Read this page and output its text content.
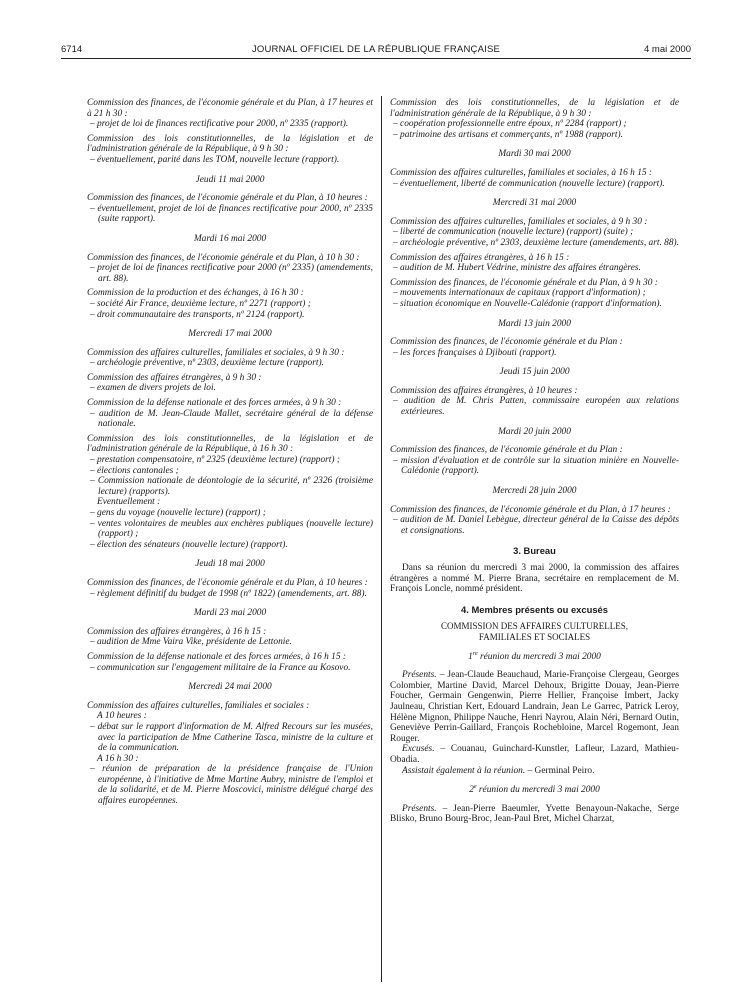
6714	JOURNAL OFFICIEL DE LA RÉPUBLIQUE FRANÇAISE	4 mai 2000

Commission des finances, de l'économie générale et du Plan, à 17 heures et à 21 h 30 :

– projet de loi de finances rectificative pour 2000, nº 2335 (rapport).

Commission des lois constitutionnelles, de la législation et de l'administration générale de la République, à 9 h 30 :

– éventuellement, parité dans les TOM, nouvelle lecture (rapport).

Jeudi 11 mai 2000

Commission des finances, de l'économie générale et du Plan, à 10 heures :

– éventuellement, projet de loi de finances rectificative pour 2000, nº 2335 (suite rapport).

Mardi 16 mai 2000

Commission des finances, de l'économie générale et du Plan, à 10 h 30 :

– projet de loi de finances rectificative pour 2000 (nº 2335) (amendements, art. 88).

Commission de la production et des échanges, à 16 h 30 :

– société Air France, deuxième lecture, nº 2271 (rapport) ;

– droit communautaire des transports, nº 2124 (rapport).

Mercredi 17 mai 2000

Commission des affaires culturelles, familiales et sociales, à 9 h 30 :

– archéologie préventive, nº 2303, deuxième lecture (rapport).

Commission des affaires étrangères, à 9 h 30 :

– examen de divers projets de loi.

Commission de la défense nationale et des forces armées, à 9 h 30 :

– audition de M. Jean-Claude Mallet, secrétaire général de la défense nationale.

Commission des lois constitutionnelles, de la législation et de l'administration générale de la République, à 16 h 30 :

– prestation compensatoire, nº 2325 (deuxième lecture) (rapport) ;

– élections cantonales ;

– Commission nationale de déontologie de la sécurité, nº 2326 (troisième lecture) (rapports).

Eventuellement :

– gens du voyage (nouvelle lecture) (rapport) ;

– ventes volontaires de meubles aux enchères publiques (nouvelle lecture) (rapport) ;

– élection des sénateurs (nouvelle lecture) (rapport).

Jeudi 18 mai 2000

Commission des finances, de l'économie générale et du Plan, à 10 heures :

– règlement définitif du budget de 1998 (nº 1822) (amendements, art. 88).

Mardi 23 mai 2000

Commission des affaires étrangères, à 16 h 15 :

– audition de Mme Vaira Vike, présidente de Lettonie.

Commission de la défense nationale et des forces armées, à 16 h 15 :

– communication sur l'engagement militaire de la France au Kosovo.

Mercredi 24 mai 2000

Commission des affaires culturelles, familiales et sociales :

A 10 heures :

– débat sur le rapport d'information de M. Alfred Recours sur les musées, avec la participation de Mme Catherine Tasca, ministre de la culture et de la communication.

A 16 h 30 :

– réunion de préparation de la présidence française de l'Union européenne, à l'initiative de Mme Martine Aubry, ministre de l'emploi et de la solidarité, et de M. Pierre Moscovici, ministre délégué chargé des affaires européennes.

Commission des lois constitutionnelles, de la législation et de l'administration générale de la République, à 9 h 30 :

– coopération professionnelle entre époux, nº 2284 (rapport) ;

– patrimoine des artisans et commerçants, nº 1988 (rapport).

Mardi 30 mai 2000

Commission des affaires culturelles, familiales et sociales, à 16 h 15 :

– éventuellement, liberté de communication (nouvelle lecture) (rapport).

Mercredi 31 mai 2000

Commission des affaires culturelles, familiales et sociales, à 9 h 30 :

– liberté de communication (nouvelle lecture) (rapport) (suite) ;

– archéologie préventive, nº 2303, deuxième lecture (amendements, art. 88).

Commission des affaires étrangères, à 16 h 15 :

– audition de M. Hubert Védrine, ministre des affaires étrangères.

Commission des finances, de l'économie générale et du Plan, à 9 h 30 :

– mouvements internationaux de capitaux (rapport d'information) ;

– situation économique en Nouvelle-Calédonie (rapport d'information).

Mardi 13 juin 2000

Commission des finances, de l'économie générale et du Plan :

– les forces françaises à Djibouti (rapport).

Jeudi 15 juin 2000

Commission des affaires étrangères, à 10 heures :

– audition de M. Chris Patten, commissaire européen aux relations extérieures.

Mardi 20 juin 2000

Commission des finances, de l'économie générale et du Plan :

– mission d'évaluation et de contrôle sur la situation minière en Nouvelle-Calédonie (rapport).

Mercredi 28 juin 2000

Commission des finances, de l'économie générale et du Plan, à 17 heures :

– audition de M. Daniel Lebègue, directeur général de la Caisse des dépôts et consignations.

3. Bureau

Dans sa réunion du mercredi 3 mai 2000, la commission des affaires étrangères a nommé M. Pierre Brana, secrétaire en remplacement de M. François Loncle, nommé président.

4. Membres présents ou excusés

COMMISSION DES AFFAIRES CULTURELLES,

FAMILIALES ET SOCIALES

1re réunion du mercredi 3 mai 2000

Présents. – Jean-Claude Beauchaud, Marie-Françoise Clergeau, Georges Colombier, Martine David, Marcel Dehoux, Brigitte Douay, Jean-Pierre Foucher, Germain Gengenwin, Pierre Hellier, Françoise Imbert, Jacky Jaulneau, Christian Kert, Edouard Landrain, Jean Le Garrec, Patrick Leroy, Hélène Mignon, Philippe Nauche, Henri Nayrou, Alain Néri, Bernard Outin, Geneviève Perrin-Gaillard, François Rochebloine, Marcel Rogemont, Jean Rouger.

Excusés. – Couanau, Guinchard-Kunstler, Lafleur, Lazard, Mathieu-Obadia.

Assistait également à la réunion. – Germinal Peiro.

2e réunion du mercredi 3 mai 2000

Présents. – Jean-Pierre Baeumler, Yvette Benayoun-Nakache, Serge Blisko, Bruno Bourg-Broc, Jean-Paul Bret, Michel Charzat,
